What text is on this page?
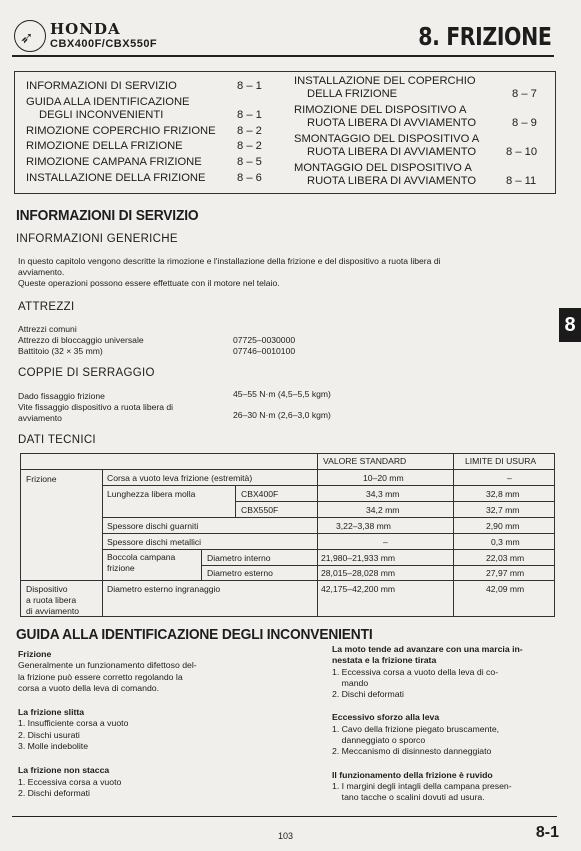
➶
HONDA
CBX400F/CBX550F	8. FRIZIONE
INFORMAZIONI DI SERVIZIO	8 – 1
GUIDA ALLA IDENTIFICAZIONE
DEGLI INCONVENIENTI	8 – 1
RIMOZIONE COPERCHIO FRIZIONE 8 – 2
RIMOZIONE DELLA FRIZIONE	8 – 2
RIMOZIONE CAMPANA FRIZIONE	8 – 5
INSTALLAZIONE DELLA FRIZIONE	8 – 6
INSTALLAZIONE DEL COPERCHIO
DELLA FRIZIONE	8 – 7
RIMOZIONE DEL DISPOSITIVO A
RUOTA LIBERA DI AVVIAMENTO	8 – 9
SMONTAGGIO DEL DISPOSITIVO A
RUOTA LIBERA DI AVVIAMENTO	8 – 10
MONTAGGIO DEL DISPOSITIVO A
RUOTA LIBERA DI AVVIAMENTO	8 – 11
INFORMAZIONI DI SERVIZIO
INFORMAZIONI GENERICHE
In questo capitolo vengono descritte la rimozione e l'installazione della frizione e del dispositivo a ruota libera di
avviamento.
Queste operazioni possono essere effettuate con il motore nel telaio.
ATTREZZI
Attrezzi comuni
Attrezzo di bloccaggio universale	07725–0030000
Battitoio (32 × 35 mm)	07746–0010100
COPPIE DI SERRAGGIO
Dado fissaggio frizione	45–55 N·m (4,5–5,5 kgm)
Vite fissaggio dispositivo a ruota libera di
avviamento	26–30 N·m (2,6–3,0 kgm)
DATI TECNICI
VALORE STANDARD	LIMITE DI USURA
Frizione	Corsa a vuoto leva frizione (estremità)	10–20 mm	–
Lunghezza libera molla	CBX400F	34,3 mm	32,8 mm
CBX550F	34,2 mm	32,7 mm
Spessore dischi guarniti	3,22–3,38 mm	2,90 mm
Spessore dischi metallici	–	0,3 mm
Boccola campana
frizione
Diametro interno	21,980–21,933 mm	22,03 mm
Diametro esterno	28,015–28,028 mm	27,97 mm
Dispositivo
a ruota libera
di avviamento
Diametro esterno ingranaggio	42,175–42,200 mm	42,09 mm
GUIDA ALLA IDENTIFICAZIONE DEGLI INCONVENIENTI
Frizione
Generalmente un funzionamento difettoso del-
la frizione può essere corretto regolando la
corsa a vuoto della leva di comando.
La frizione slitta
1. Insufficiente corsa a vuoto
2. Dischi usurati
3. Molle indebolite
La frizione non stacca
1. Eccessiva corsa a vuoto
2. Dischi deformati
La moto tende ad avanzare con una marcia in-
nestata e la frizione tirata
1. Eccessiva corsa a vuoto della leva di co-
mando
2. Dischi deformati
Eccessivo sforzo alla leva
1. Cavo della frizione piegato bruscamente,
danneggiato o sporco
2. Meccanismo di disinnesto danneggiato
Il funzionamento della frizione è ruvido
1. I margini degli intagli della campana presen-
tano tacche o scalini dovuti ad usura.
8
103	8-1
